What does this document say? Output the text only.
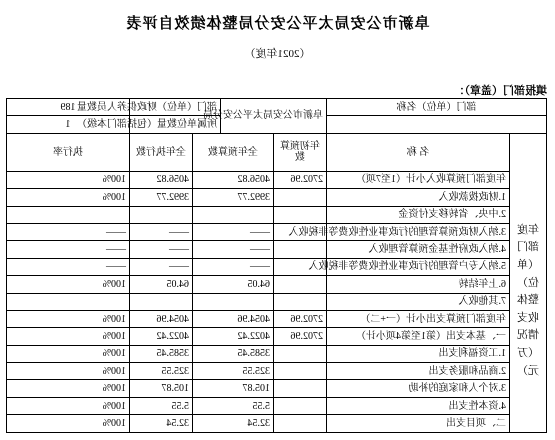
阜新市公安局太平公安分局整体绩效自评表
（2021年度）
填报部门（盖章）：
部门（单位）名称		阜新市公安局太平公安分局		部门（单位）财政供养人员数量		189
				所属单位数量（包括部门本级）		1
年度部门（单位）整体收支情况（万元）	名 称	年初预算数	全年预算数		全年执行数	执行率
	年度部门预算收入小计（1至7项）	2702.96	4056.82		4056.82	100%
	1.财政拨款收入		3992.77		3992.77	100%
	2.中央、省转移支付资金					
	3.纳入财政预算管理的行政事业性收费等非税收入		——		——	——
	4.纳入政府性基金预算管理收入		——		——	——
	5.纳入专户管理的行政事业性收费等非税收入		——		——	——
	6.上年结转		64.05		64.05	100%
	7.其他收入					
	年度部门预算支出小计（一+二）	2702.96	4054.96		4054.96	100%
	一、基本支出（第1至第4项小计）	2702.96	4022.42		4022.42	100%
	1.工资福利支出		3585.45		3585.45	100%
	2.商品和服务支出		325.55		325.55	100%
	3.对个人和家庭的补助		105.87		105.87	100%
	4.资本性支出		5.55		5.55	100%
	二、项目支出		32.54		32.54	100%
